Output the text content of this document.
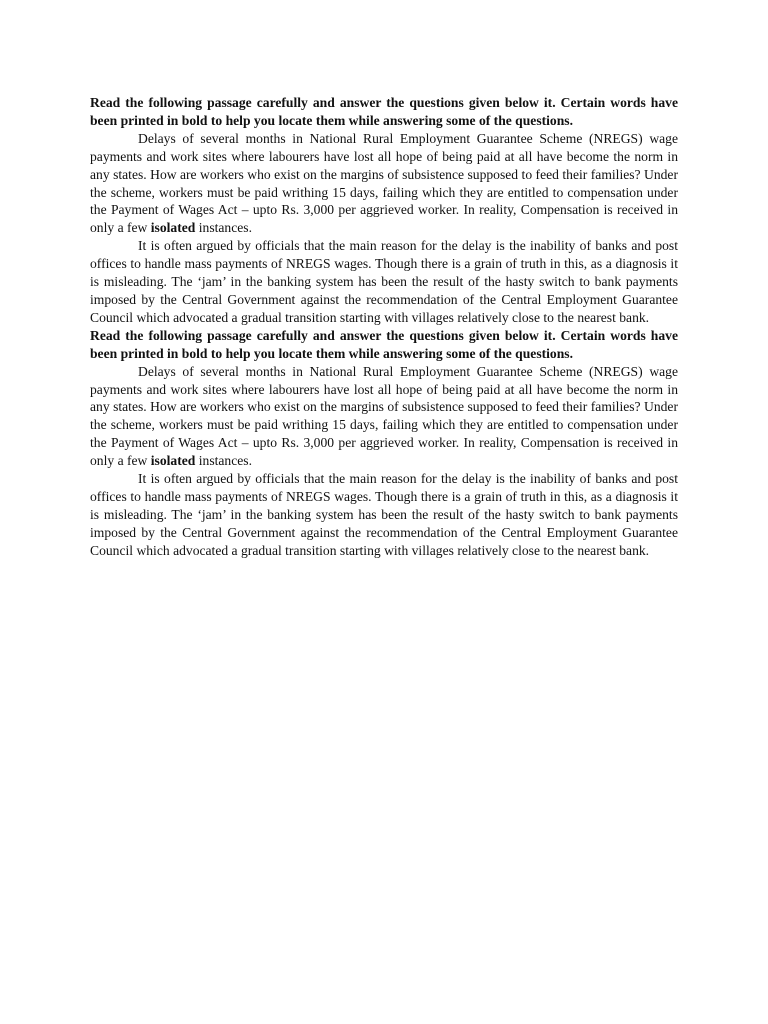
Read the following passage carefully and answer the questions given below it. Certain words have been printed in bold to help you locate them while answering some of the questions.

Delays of several months in National Rural Employment Guarantee Scheme (NREGS) wage payments and work sites where labourers have lost all hope of being paid at all have become the norm in any states. How are workers who exist on the margins of subsistence supposed to feed their families? Under the scheme, workers must be paid writhing 15 days, failing which they are entitled to compensation under the Payment of Wages Act – upto Rs. 3,000 per aggrieved worker. In reality, Compensation is received in only a few isolated instances.

It is often argued by officials that the main reason for the delay is the inability of banks and post offices to handle mass payments of NREGS wages. Though there is a grain of truth in this, as a diagnosis it is misleading. The ‘jam’ in the banking system has been the result of the hasty switch to bank payments imposed by the Central Government against the recommendation of the Central Employment Guarantee Council which advocated a gradual transition starting with villages relatively close to the nearest bank.

Read the following passage carefully and answer the questions given below it. Certain words have been printed in bold to help you locate them while answering some of the questions.

Delays of several months in National Rural Employment Guarantee Scheme (NREGS) wage payments and work sites where labourers have lost all hope of being paid at all have become the norm in any states. How are workers who exist on the margins of subsistence supposed to feed their families? Under the scheme, workers must be paid writhing 15 days, failing which they are entitled to compensation under the Payment of Wages Act – upto Rs. 3,000 per aggrieved worker. In reality, Compensation is received in only a few isolated instances.

It is often argued by officials that the main reason for the delay is the inability of banks and post offices to handle mass payments of NREGS wages. Though there is a grain of truth in this, as a diagnosis it is misleading. The ‘jam’ in the banking system has been the result of the hasty switch to bank payments imposed by the Central Government against the recommendation of the Central Employment Guarantee Council which advocated a gradual transition starting with villages relatively close to the nearest bank.
